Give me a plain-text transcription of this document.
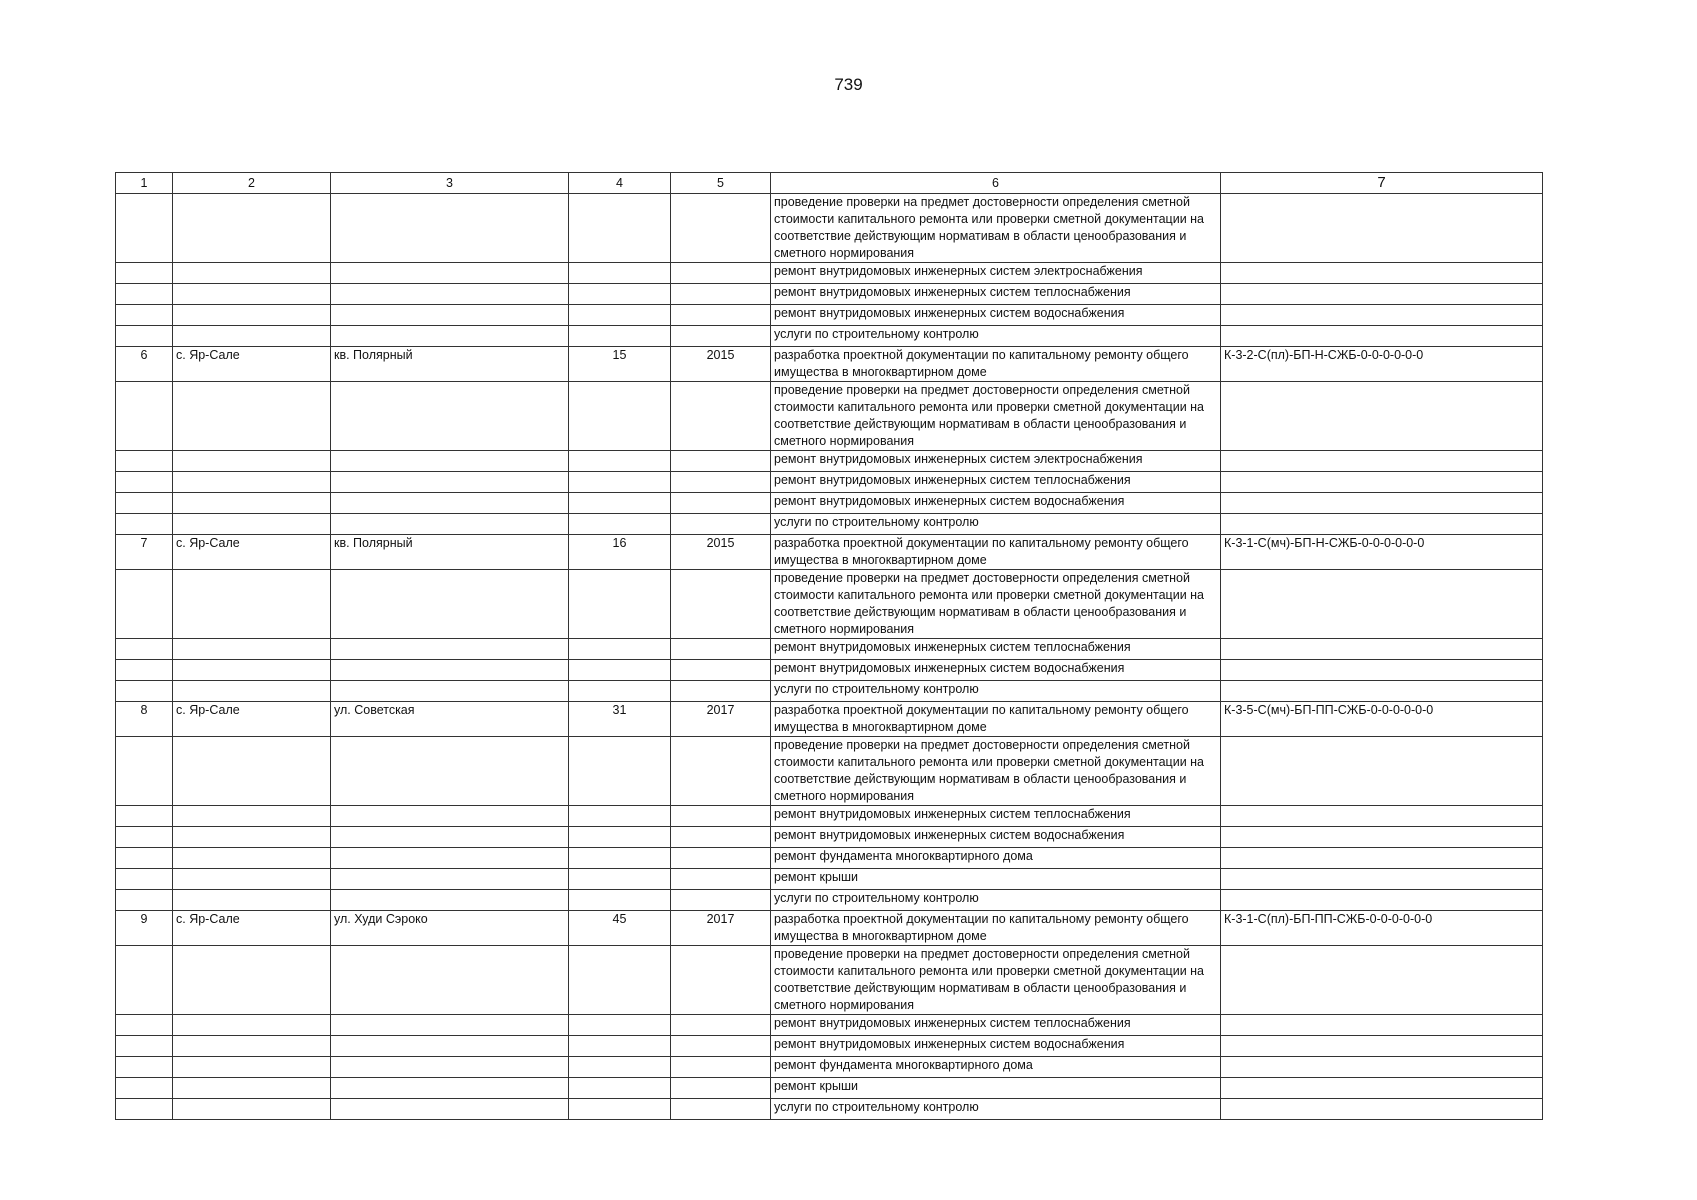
739
1	2	3	4	5	6	7
					проведение проверки на предмет достоверности определения сметной стоимости капитального ремонта или проверки сметной документации на соответствие действующим нормативам в области ценообразования и сметного нормирования	
					ремонт внутридомовых инженерных систем электроснабжения	
					ремонт внутридомовых инженерных систем теплоснабжения	
					ремонт внутридомовых инженерных систем водоснабжения	
					услуги по строительному контролю	
6	с. Яр-Сале	кв. Полярный	15	2015	разработка проектной документации по капитальному ремонту общего имущества в многоквартирном доме	К-3-2-С(пл)-БП-Н-СЖБ-0-0-0-0-0-0
					проведение проверки на предмет достоверности определения сметной стоимости капитального ремонта или проверки сметной документации на соответствие действующим нормативам в области ценообразования и сметного нормирования	
					ремонт внутридомовых инженерных систем электроснабжения	
					ремонт внутридомовых инженерных систем теплоснабжения	
					ремонт внутридомовых инженерных систем водоснабжения	
					услуги по строительному контролю	
7	с. Яр-Сале	кв. Полярный	16	2015	разработка проектной документации по капитальному ремонту общего имущества в многоквартирном доме	К-3-1-С(мч)-БП-Н-СЖБ-0-0-0-0-0-0
					проведение проверки на предмет достоверности определения сметной стоимости капитального ремонта или проверки сметной документации на соответствие действующим нормативам в области ценообразования и сметного нормирования	
					ремонт внутридомовых инженерных систем теплоснабжения	
					ремонт внутридомовых инженерных систем водоснабжения	
					услуги по строительному контролю	
8	с. Яр-Сале	ул. Советская	31	2017	разработка проектной документации по капитальному ремонту общего имущества в многоквартирном доме	К-3-5-С(мч)-БП-ПП-СЖБ-0-0-0-0-0-0
					проведение проверки на предмет достоверности определения сметной стоимости капитального ремонта или проверки сметной документации на соответствие действующим нормативам в области ценообразования и сметного нормирования	
					ремонт внутридомовых инженерных систем теплоснабжения	
					ремонт внутридомовых инженерных систем водоснабжения	
					ремонт фундамента многоквартирного дома	
					ремонт крыши	
					услуги по строительному контролю	
9	с. Яр-Сале	ул. Худи Сэроко	45	2017	разработка проектной документации по капитальному ремонту общего имущества в многоквартирном доме	К-3-1-С(пл)-БП-ПП-СЖБ-0-0-0-0-0-0
					проведение проверки на предмет достоверности определения сметной стоимости капитального ремонта или проверки сметной документации на соответствие действующим нормативам в области ценообразования и сметного нормирования	
					ремонт внутридомовых инженерных систем теплоснабжения	
					ремонт внутридомовых инженерных систем водоснабжения	
					ремонт фундамента многоквартирного дома	
					ремонт крыши	
					услуги по строительному контролю	
